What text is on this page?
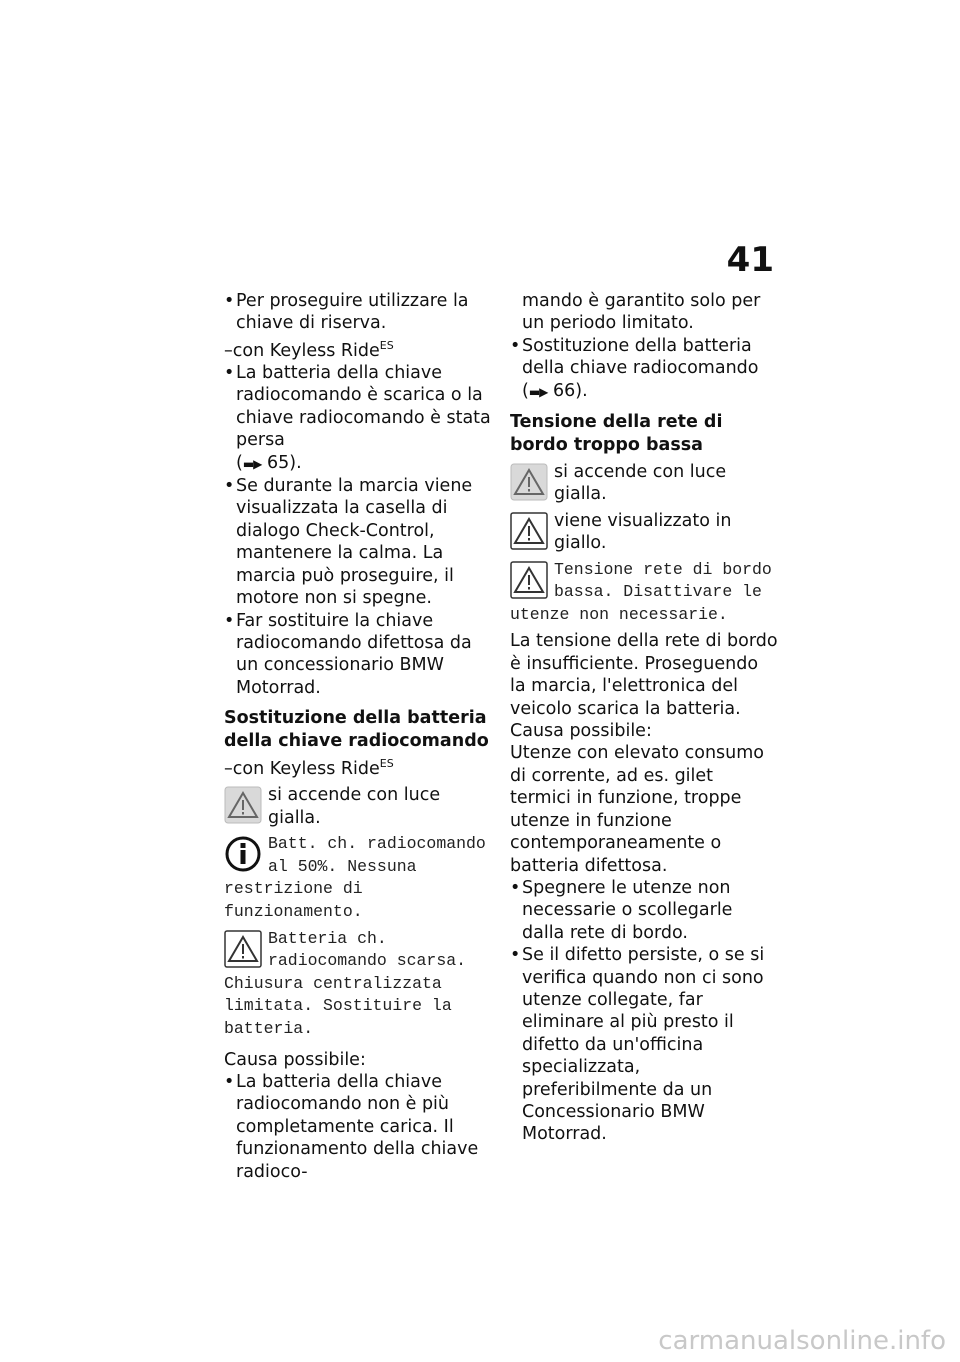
41

• Per proseguire utilizzare la chiave di riserva.

–con Keyless Ride$^{ES}$

• La batteria della chiave radiocomando è scarica o la chiave radiocomando è stata persa
(▬▶ 65).

• Se durante la marcia viene visualizzata la casella di dialogo Check-Control, mantenere la calma. La marcia può proseguire, il motore non si spegne.

• Far sostituire la chiave radiocomando difettosa da un concessionario BMW Motorrad.

Sostituzione della batteria della chiave radiocomando

–con Keyless Ride$^{ES}$

si accende con luce gialla.

Batt. ch. radiocomando al 50%. Nessuna restrizione di funzionamento.

Batteria ch. radiocomando scarsa. Chiusura centralizzata limitata. Sostituire la batteria.

Causa possibile:

• La batteria della chiave radiocomando non è più completamente carica. Il funzionamento della chiave radioco-

mando è garantito solo per un periodo limitato.

• Sostituzione della batteria della chiave radiocomando
(▬▶ 66).

Tensione della rete di bordo troppo bassa

si accende con luce gialla.

viene visualizzato in giallo.

Tensione rete di bordo bassa. Disattivare le utenze non necessarie.

La tensione della rete di bordo è insufficiente. Proseguendo la marcia, l'elettronica del veicolo scarica la batteria.

Causa possibile:

Utenze con elevato consumo di corrente, ad es. gilet termici in funzione, troppe utenze in funzione contemporaneamente o batteria difettosa.

• Spegnere le utenze non necessarie o scollegarle dalla rete di bordo.

• Se il difetto persiste, o se si verifica quando non ci sono utenze collegate, far eliminare al più presto il difetto da un'officina specializzata, preferibilmente da un Concessionario BMW Motorrad.

carmanualsonline.info
